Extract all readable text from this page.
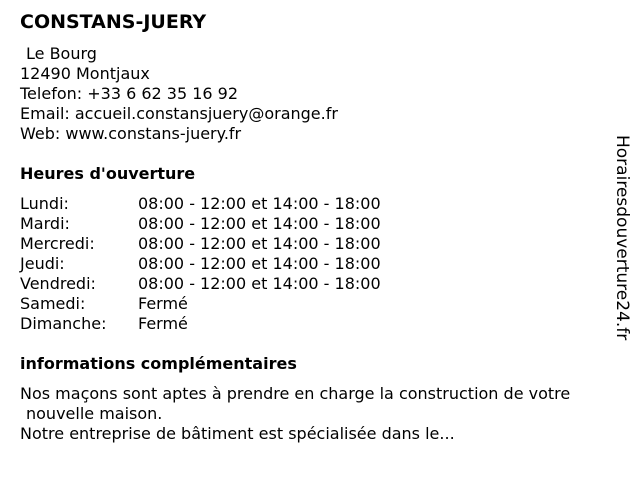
CONSTANS-JUERY
Le Bourg
12490 Montjaux
Telefon: +33 6 62 35 16 92
Email: accueil.constansjuery@orange.fr
Web: www.constans-juery.fr
Heures d'ouverture
Lundi:	08:00 - 12:00 et 14:00 - 18:00
Mardi:	08:00 - 12:00 et 14:00 - 18:00
Mercredi:	08:00 - 12:00 et 14:00 - 18:00
Jeudi:	08:00 - 12:00 et 14:00 - 18:00
Vendredi:	08:00 - 12:00 et 14:00 - 18:00
Samedi:	Fermé
Dimanche: Fermé
informations complémentaires
Nos maçons sont aptes à prendre en charge la construction de votre
nouvelle maison.
Notre entreprise de bâtiment est spécialisée dans le...
Horairesdouverture24.fr
